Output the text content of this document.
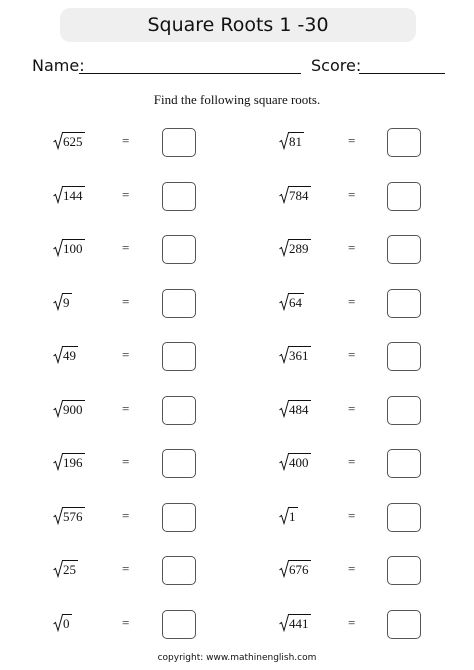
Square Roots 1 -30
Name:	Score:
Find the following square roots.
625	=
144	=
100	=
9	=
49	=
900	=
196	=
576	=
25	=
0	=
81	=
784	=
289	=
64	=
361	=
484	=
400	=
1	=
676	=
441	=
copyright: www.mathinenglish.com
